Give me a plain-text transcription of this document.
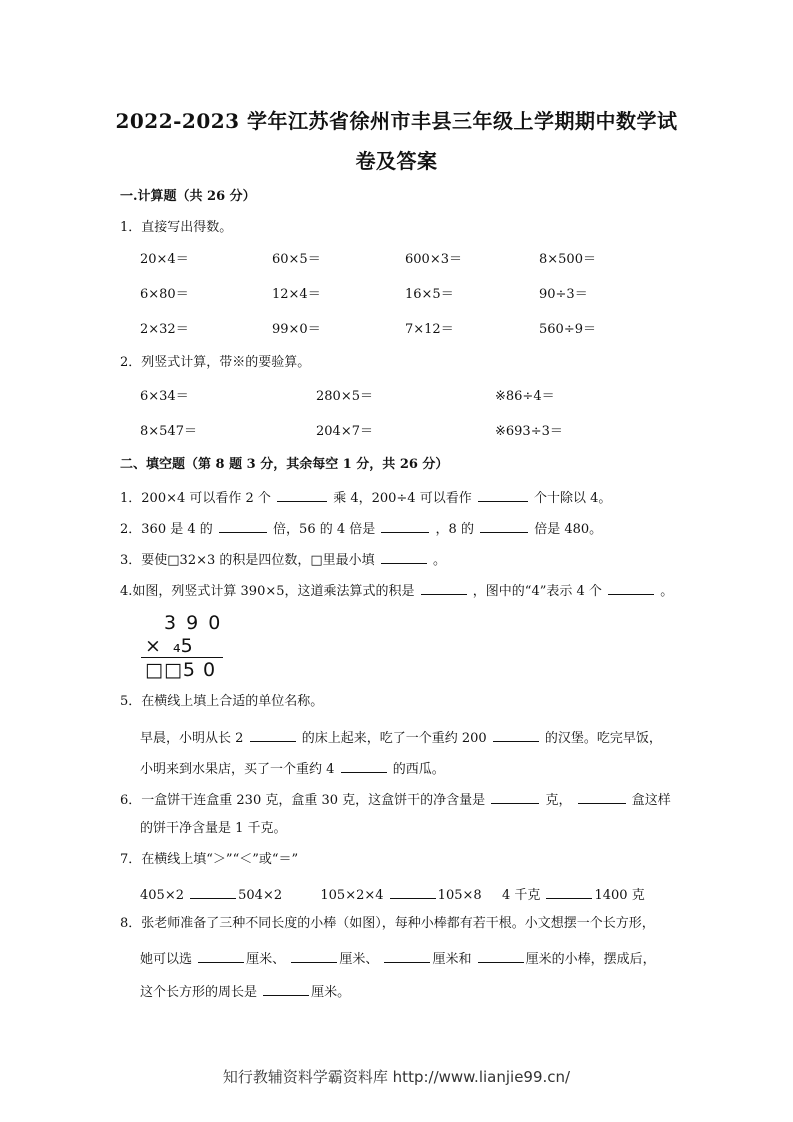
2022-2023 学年江苏省徐州市丰县三年级上学期期中数学试
卷及答案
一.计算题（共 26 分）
1．直接写出得数。
20×4＝	60×5＝	600×3＝	8×500＝
6×80＝	12×4＝	16×5＝	90÷3＝
2×32＝	99×0＝	7×12＝	560÷9＝
2．列竖式计算，带※的要验算。
6×34＝	280×5＝	※86÷4＝
8×547＝	204×7＝	※693÷3＝
二、填空题（第 8 题 3 分，其余每空 1 分，共 26 分）
1．200×4 可以看作 2 个	乘 4，200÷4 可以看作	个十除以 4。
2．360 是 4 的	倍，56 的 4 倍是	，8 的	倍是 480。
3．要使□32×3 的积是四位数，□里最小填	。
4.如图，列竖式计算 390×5，这道乘法算式的积是	，图中的“4”表示 4 个	。
3 9 0
×  ₄5
□□5 0
5．在横线上填上合适的单位名称。
早晨，小明从长 2	的床上起来，吃了一个重约 200	的汉堡。吃完早饭，
小明来到水果店，买了一个重约 4	的西瓜。
6．一盒饼干连盒重 230 克，盒重 30 克，这盒饼干的净含量是	克，	盒这样
的饼干净含量是 1 千克。
7．在横线上填“＞”“＜”或“＝”
405×2	504×2	105×2×4	105×8 4 千克	1400 克
8．张老师准备了三种不同长度的小棒（如图），每种小棒都有若干根。小文想摆一个长方形，
她可以选	厘米、	厘米、	厘米和	厘米的小棒，摆成后，
这个长方形的周长是	厘米。
知行教辅资料学霸资料库 http://www.lianjie99.cn/
